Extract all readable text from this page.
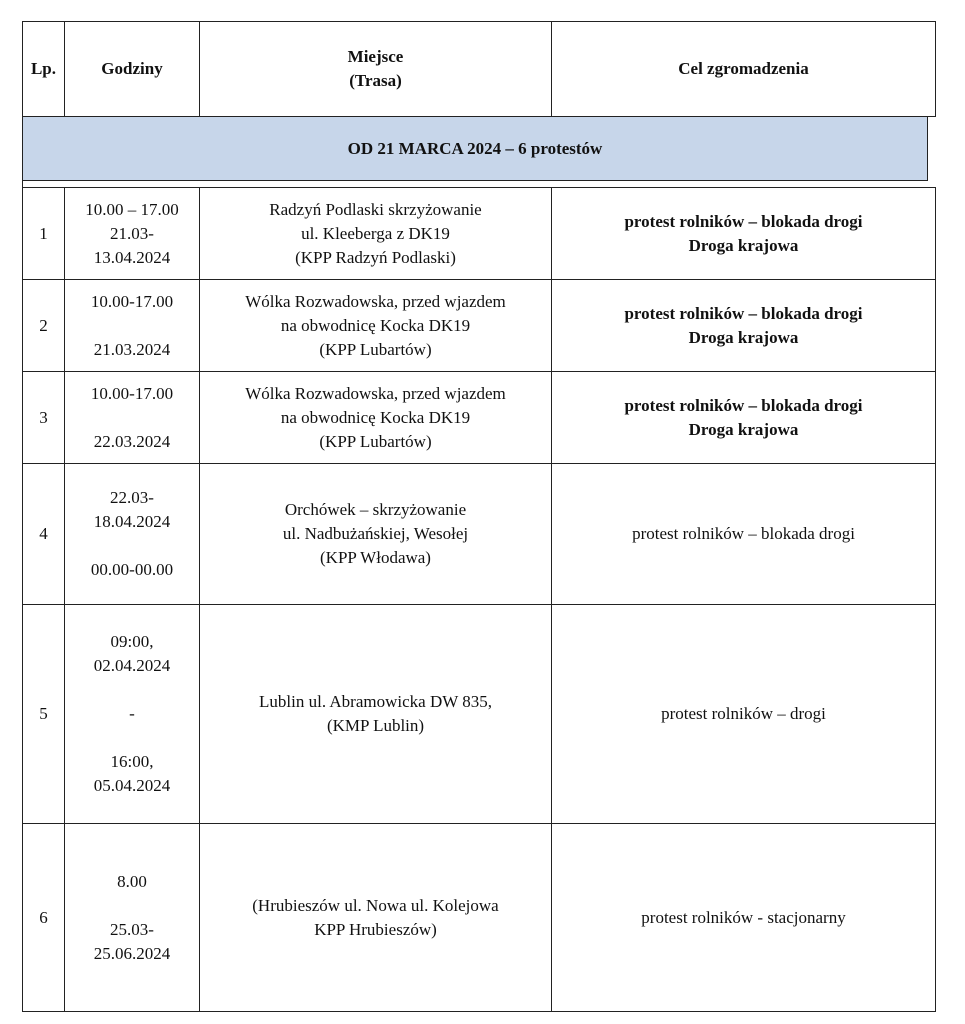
Lp.	Godziny
Miejsce
(Trasa)
Cel zgromadzenia
OD 21 MARCA 2024 – 6 protestów
1
10.00 – 17.00
21.03-
13.04.2024
Radzyń Podlaski skrzyżowanie
ul. Kleeberga z DK19
(KPP Radzyń Podlaski)
protest rolników – blokada drogi
Droga krajowa
2
10.00-17.00
21.03.2024
Wólka Rozwadowska, przed wjazdem
na obwodnicę Kocka DK19
(KPP Lubartów)
protest rolników – blokada drogi
Droga krajowa
3
10.00-17.00
22.03.2024
Wólka Rozwadowska, przed wjazdem
na obwodnicę Kocka DK19
(KPP Lubartów)
protest rolników – blokada drogi
Droga krajowa
4
22.03-
18.04.2024
00.00-00.00
Orchówek – skrzyżowanie
ul. Nadbużańskiej, Wesołej
(KPP Włodawa)
protest rolników – blokada drogi
5
09:00,
02.04.2024
-
16:00,
05.04.2024
Lublin ul. Abramowicka DW 835,
(KMP Lublin)
protest rolników – drogi
6
8.00
25.03-
25.06.2024
(Hrubieszów ul. Nowa ul. Kolejowa
KPP Hrubieszów)
protest rolników - stacjonarny
